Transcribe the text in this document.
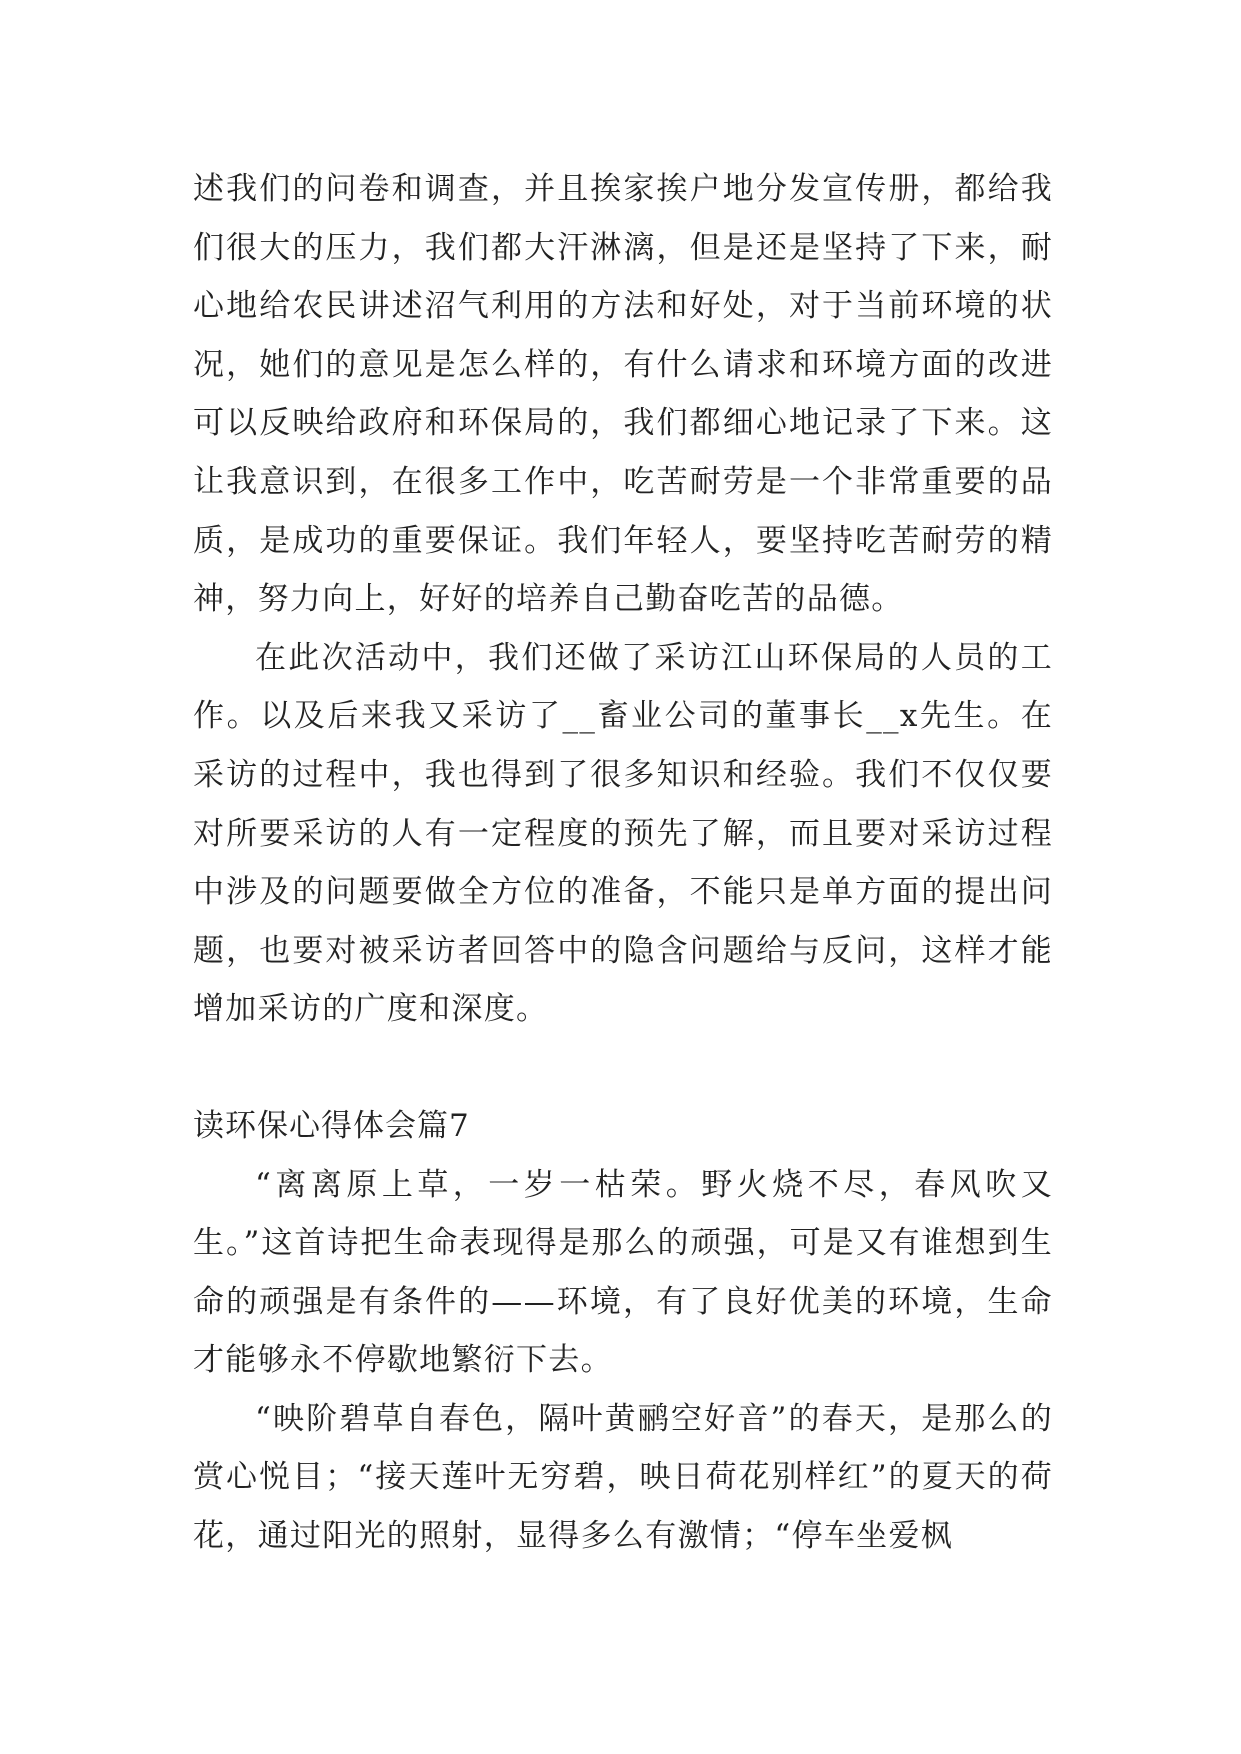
述我们的问卷和调查，并且挨家挨户地分发宣传册，都给我们很大的压力，我们都大汗淋漓，但是还是坚持了下来，耐心地给农民讲述沼气利用的方法和好处，对于当前环境的状况，她们的意见是怎么样的，有什么请求和环境方面的改进可以反映给政府和环保局的，我们都细心地记录了下来。这让我意识到，在很多工作中，吃苦耐劳是一个非常重要的品质，是成功的重要保证。我们年轻人，要坚持吃苦耐劳的精神，努力向上，好好的培养自己勤奋吃苦的品德。

在此次活动中，我们还做了采访江山环保局的人员的工作。以及后来我又采访了__畜业公司的董事长__x先生。在采访的过程中，我也得到了很多知识和经验。我们不仅仅要对所要采访的人有一定程度的预先了解，而且要对采访过程中涉及的问题要做全方位的准备，不能只是单方面的提出问题，也要对被采访者回答中的隐含问题给与反问，这样才能增加采访的广度和深度。

读环保心得体会篇7

“离离原上草，一岁一枯荣。野火烧不尽，春风吹又生。”这首诗把生命表现得是那么的顽强，可是又有谁想到生命的顽强是有条件的——环境，有了良好优美的环境，生命才能够永不停歇地繁衍下去。

“映阶碧草自春色，隔叶黄鹂空好音”的春天，是那么的赏心悦目；“接天莲叶无穷碧，映日荷花别样红”的夏天的荷花，通过阳光的照射，显得多么有激情；“停车坐爱枫
